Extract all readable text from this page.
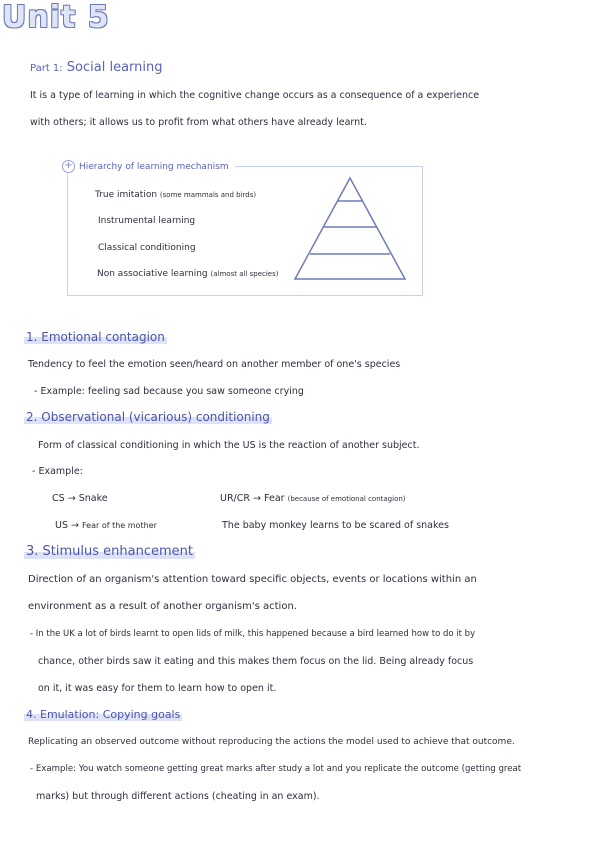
Unit 5
Part 1: Social learning
It is a type of learning in which the cognitive change occurs as a consequence of a experience
with others; it allows us to profit from what others have already learnt.
+ Hierarchy of learning mechanism
True imitation (some mammals and birds)
Instrumental learning
Classical conditioning
Non associative learning (almost all species)
1. Emotional contagion
Tendency to feel the emotion seen/heard on another member of one's species
- Example: feeling sad because you saw someone crying
2. Observational (vicarious) conditioning
Form of classical conditioning in which the US is the reaction of another subject.
- Example:
CS → Snake	UR/CR → Fear (because of emotional contagion)
US → Fear of the mother	The baby monkey learns to be scared of snakes
3. Stimulus enhancement
Direction of an organism's attention toward specific objects, events or locations within an
environment as a result of another organism's action.
- In the UK a lot of birds learnt to open lids of milk, this happened because a bird learned how to do it by
chance, other birds saw it eating and this makes them focus on the lid. Being already focus
on it, it was easy for them to learn how to open it.
4. Emulation: Copying goals
Replicating an observed outcome without reproducing the actions the model used to achieve that outcome.
- Example: You watch someone getting great marks after study a lot and you replicate the outcome (getting great
marks) but through different actions (cheating in an exam).
